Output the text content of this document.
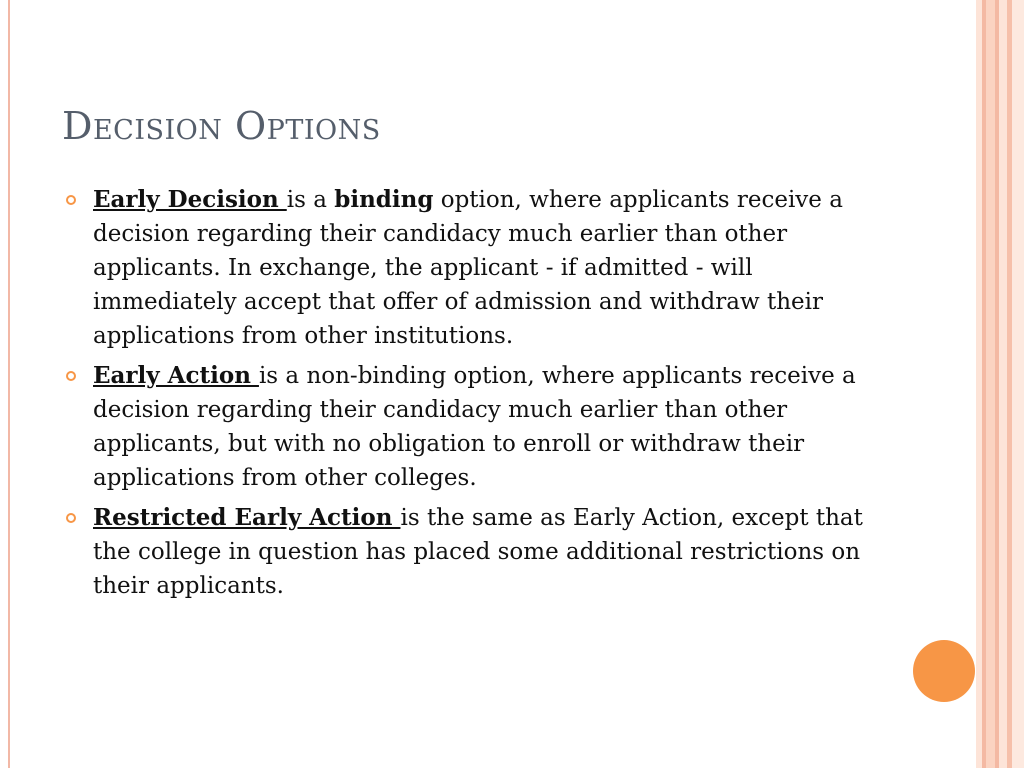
Decision Options
Early Decision is a binding option, where applicants receive a decision regarding their candidacy much earlier than other applicants. In exchange, the applicant - if admitted - will immediately accept that offer of admission and withdraw their applications from other institutions.
Early Action is a non-binding option, where applicants receive a decision regarding their candidacy much earlier than other applicants, but with no obligation to enroll or withdraw their applications from other colleges.
Restricted Early Action is the same as Early Action, except that the college in question has placed some additional restrictions on their applicants.
